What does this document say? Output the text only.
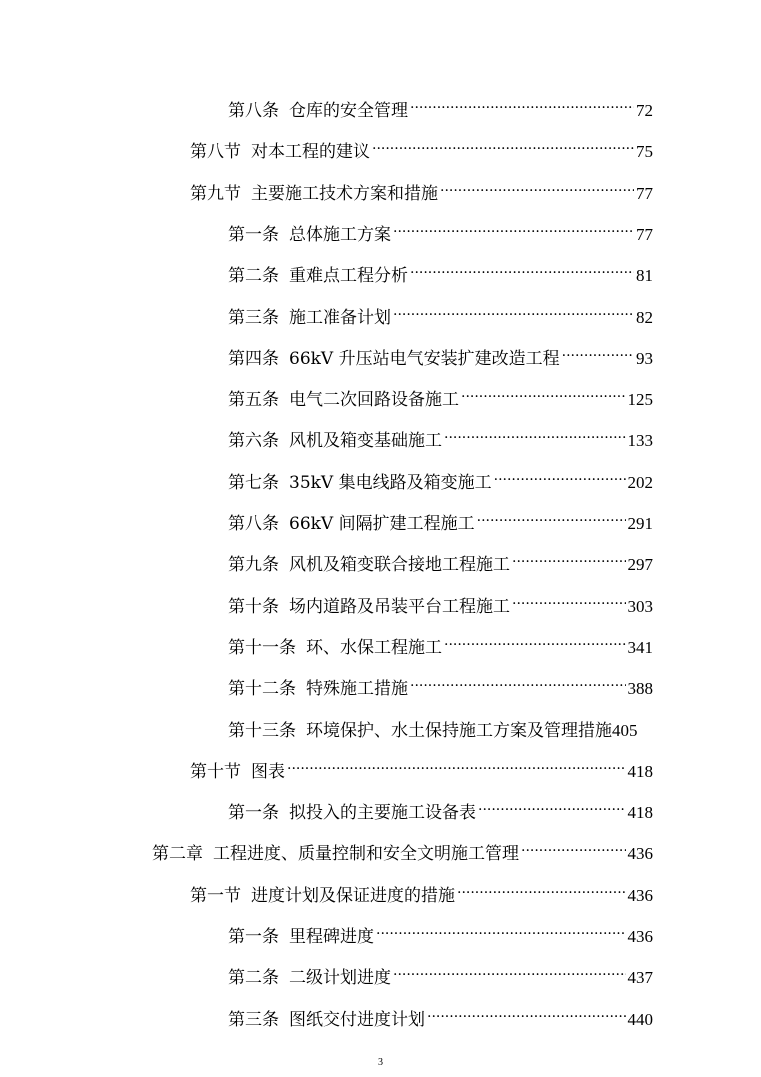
第八条 仓库的安全管理 .....	72
第八节 对本工程的建议 .....	75
第九节 主要施工技术方案和措施 .....	77
第一条 总体施工方案 .....	77
第二条 重难点工程分析 .....	81
第三条 施工准备计划 .....	82
第四条 66kV 升压站电气安装扩建改造工程 .....	93
第五条 电气二次回路设备施工 .....	125
第六条 风机及箱变基础施工 .....	133
第七条 35kV 集电线路及箱变施工 .....	202
第八条 66kV 间隔扩建工程施工 .....	291
第九条 风机及箱变联合接地工程施工 .....	297
第十条 场内道路及吊装平台工程施工 .....	303
第十一条 环、水保工程施工 .....	341
第十二条 特殊施工措施 .....	388
第十三条 环境保护、水土保持施工方案及管理措施 405
第十节 图表 .....	418
第一条 拟投入的主要施工设备表 .....	418
第二章 工程进度、质量控制和安全文明施工管理 .....	436
第一节 进度计划及保证进度的措施 .....	436
第一条 里程碑进度 .....	436
第二条 二级计划进度 .....	437
第三条 图纸交付进度计划 .....	440
3
